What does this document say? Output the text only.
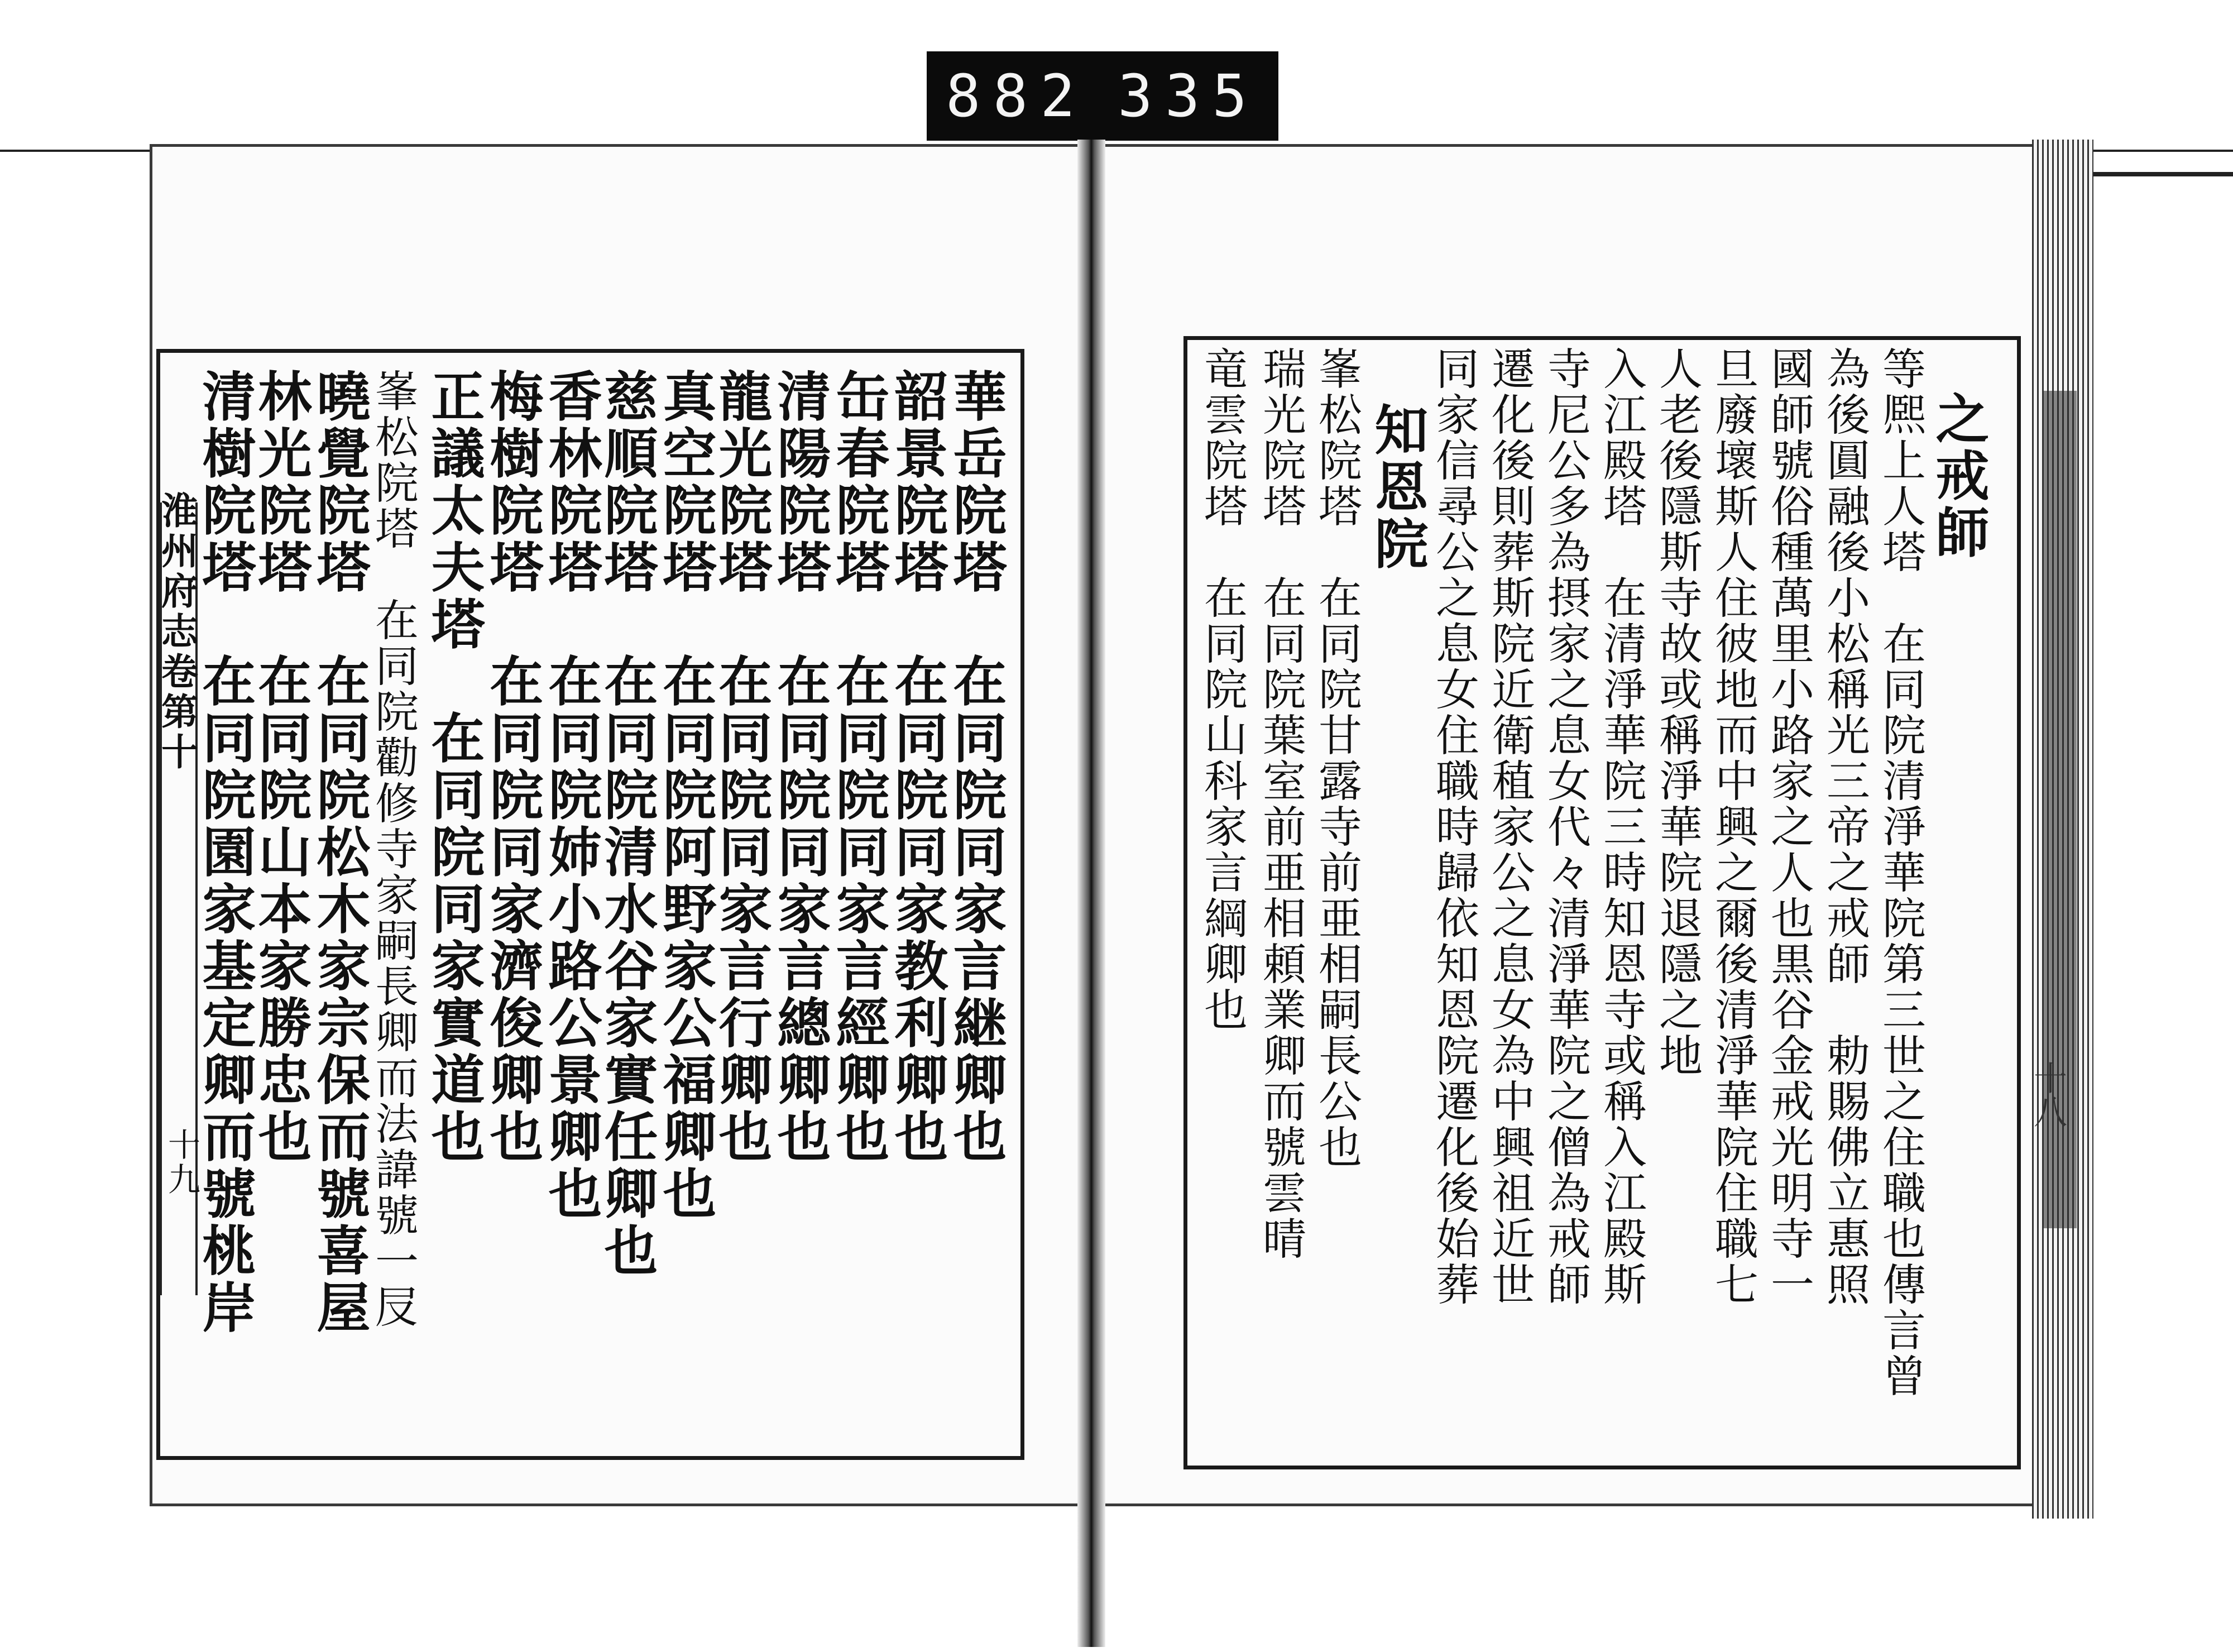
882 335
淮州府志卷第十
十九	華岳院塔　在同院同家言継卿也
韶景院塔　在同院同家教利卿也
缶春院塔　在同院同家言經卿也
清陽院塔　在同院同家言總卿也
龍光院塔　在同院同家言行卿也
真空院塔　在同院阿野家公福卿也
慈順院塔　在同院清水谷家實任卿也
香林院塔　在同院姉小路公景卿也
梅樹院塔　在同院同家濟俊卿也
正議太夫塔　在同院同家實道也
峯松院塔　在同院勸修寺家嗣長卿而法諱號一㞋
曉覺院塔　在同院松木家宗保而號喜屋
林光院塔　在同院山本家勝忠也
清樹院塔　在同院園家基定卿而號桃岸	之戒師
等熈上人塔　在同院清淨華院第三世之住職也傳言曾
為後圓融後小松稱光三帝之戒師　勅賜佛立惠照
國師號俗種萬里小路家之人也黒谷金戒光明寺一
旦廢壞斯人住彼地而中興之爾後清淨華院住職七
人老後隱斯寺故或稱淨華院退隱之地
入江殿塔　在清淨華院三時知恩寺或稱入江殿斯
寺尼公多為摂家之息女代々清淨華院之僧為戒師
遷化後則葬斯院近衛稙家公之息女為中興祖近世
同家信尋公之息女住職時歸依知恩院遷化後始葬
知恩院
峯松院塔　在同院甘露寺前亜相嗣長公也
瑞光院塔　在同院葉室前亜相頼業卿而號雲晴
竜雲院塔　在同院山科家言綱卿也
十八
